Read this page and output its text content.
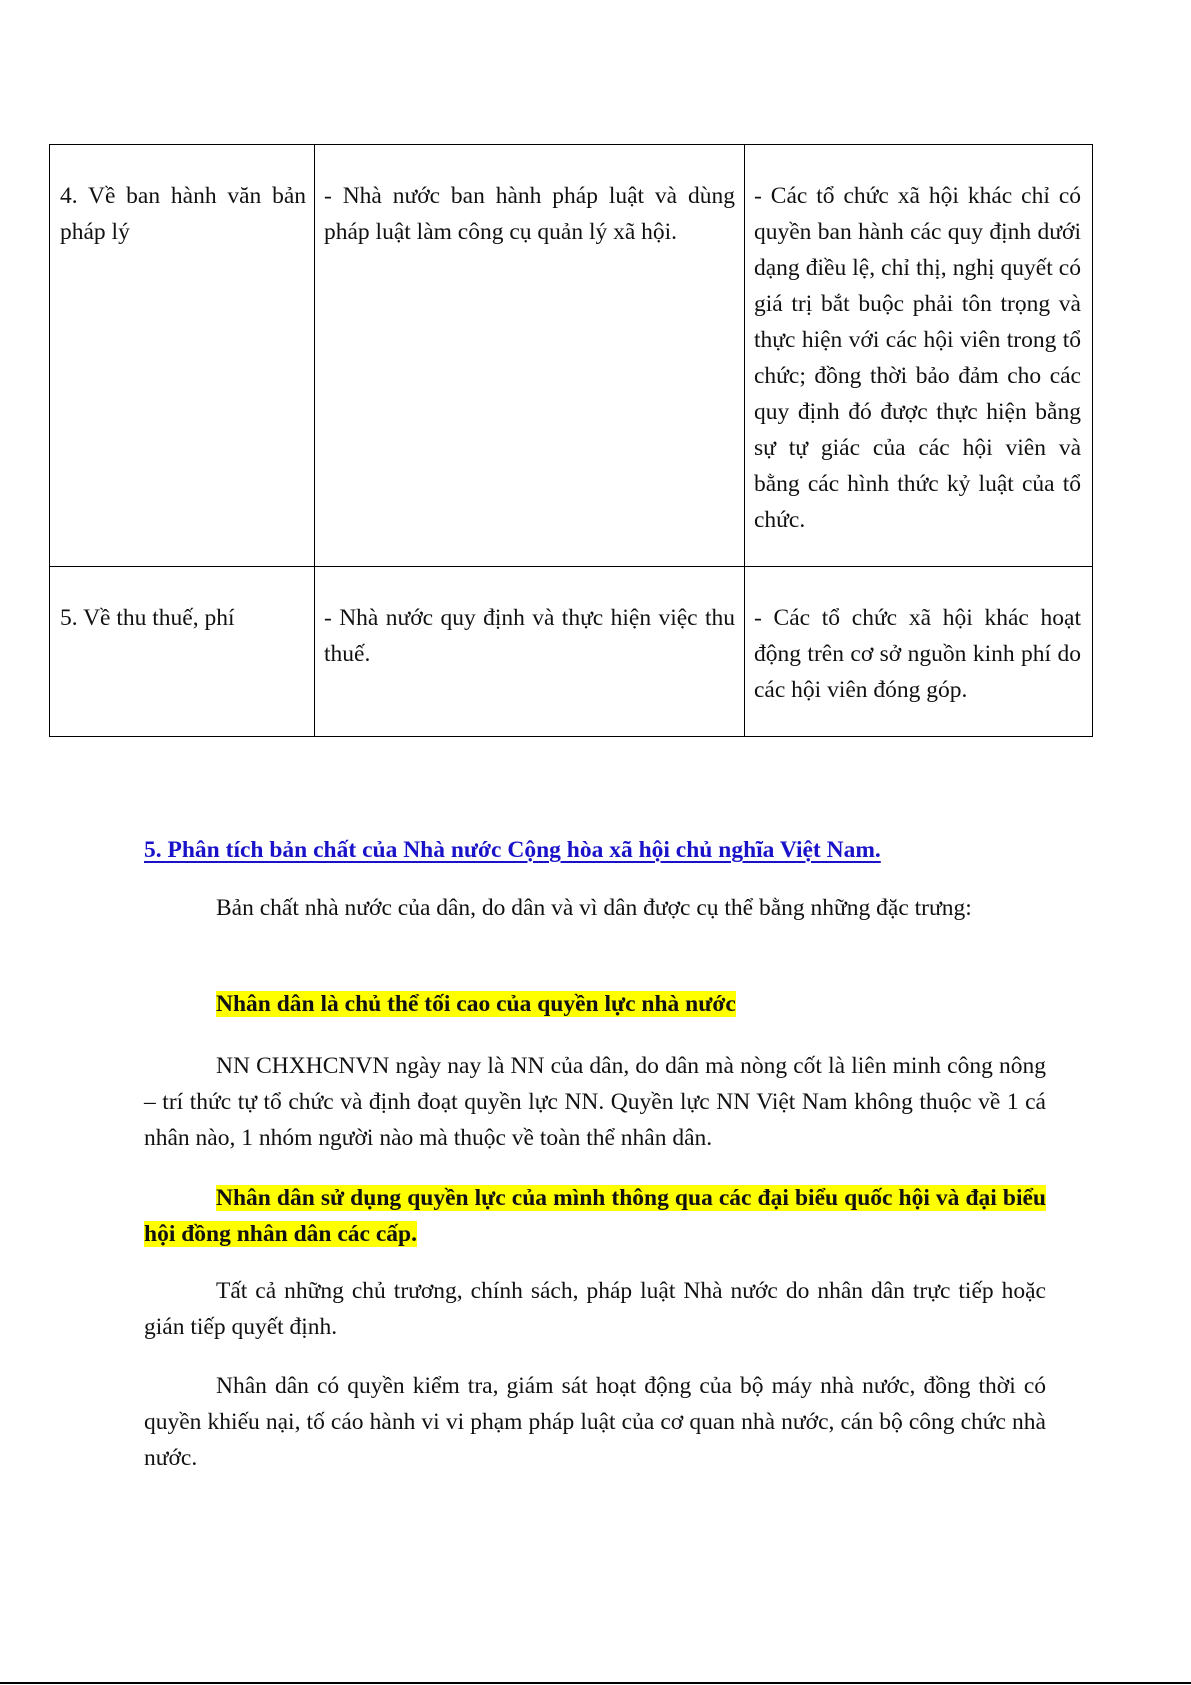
4. Về ban hành văn bản pháp lý	- Nhà nước ban hành pháp luật và dùng pháp luật làm công cụ quản lý xã hội.	- Các tổ chức xã hội khác chỉ có quyền ban hành các quy định dưới dạng điều lệ, chỉ thị, nghị quyết có giá trị bắt buộc phải tôn trọng và thực hiện với các hội viên trong tổ chức; đồng thời bảo đảm cho các quy định đó được thực hiện bằng sự tự giác của các hội viên và bằng các hình thức kỷ luật của tổ chức.
5. Về thu thuế, phí	- Nhà nước quy định và thực hiện việc thu thuế.	- Các tổ chức xã hội khác hoạt động trên cơ sở nguồn kinh phí do các hội viên đóng góp.
5. Phân tích bản chất của Nhà nước Cộng hòa xã hội chủ nghĩa Việt Nam.

Bản chất nhà nước của dân, do dân và vì dân được cụ thể bằng những đặc trưng:

Nhân dân là chủ thể tối cao của quyền lực nhà nước

NN CHXHCNVN ngày nay là NN của dân, do dân mà nòng cốt là liên minh công nông – trí thức tự tổ chức và định đoạt quyền lực NN. Quyền lực NN Việt Nam không thuộc về 1 cá nhân nào, 1 nhóm người nào mà thuộc về toàn thể nhân dân.

Nhân dân sử dụng quyền lực của mình thông qua các đại biểu quốc hội và đại biểu hội đồng nhân dân các cấp.

Tất cả những chủ trương, chính sách, pháp luật Nhà nước do nhân dân trực tiếp hoặc gián tiếp quyết định.

Nhân dân có quyền kiểm tra, giám sát hoạt động của bộ máy nhà nước, đồng thời có quyền khiếu nại, tố cáo hành vi vi phạm pháp luật của cơ quan nhà nước, cán bộ công chức nhà nước.
